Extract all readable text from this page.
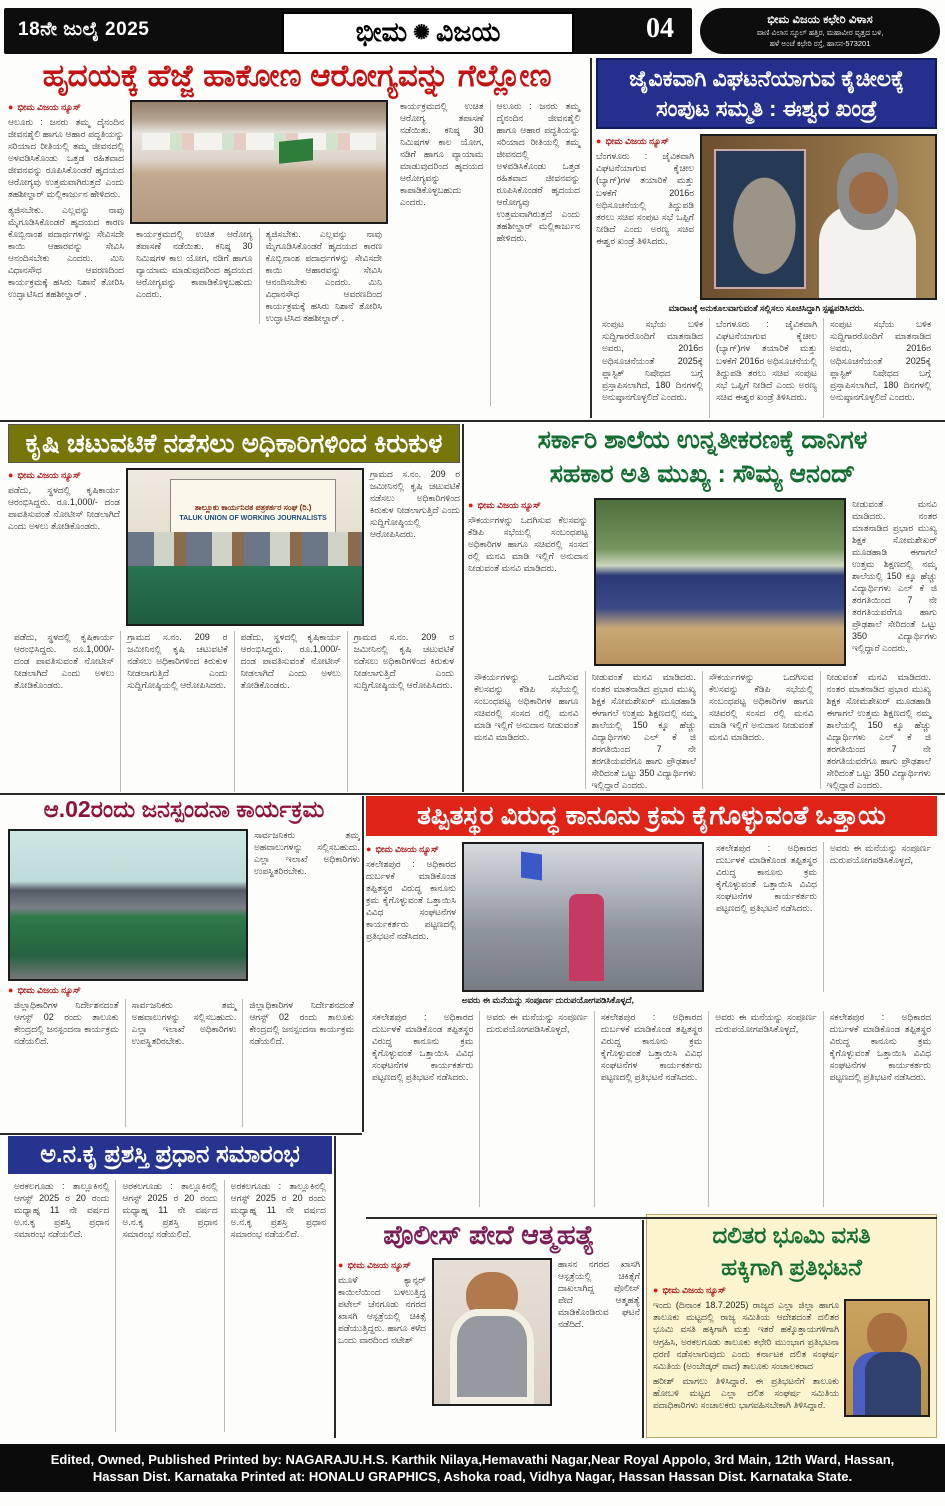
18ನೇ ಜುಲೈ 2025	ಭೀಮ ✺ ವಿಜಯ	04	ಭೀಮ ವಿಜಯ ಕಛೇರಿ ವಿಳಾಸ
ವಾಣಿ ವಿಲಾಸ ಸ್ಕೂಲ್ ಹತ್ತಿರ, ಮಹಾವೀರ ವೃತ್ತದ ಬಳಿ,
ಹಳೆ ಅಂಚೆ ಕಛೇರಿ ರಸ್ತೆ, ಹಾಸನ-573201
ಹೃದಯಕ್ಕೆ ಹೆಜ್ಜೆ ಹಾಕೋಣ ಆರೋಗ್ಯವನ್ನು ಗೆಲ್ಲೋಣ
● ಭೀಮ ವಿಜಯ ನ್ಯೂಸ್
ಆಲೂರು : ಜನರು ತಮ್ಮ ದೈನಂದಿನ ಜೀವನಶೈಲಿ ಹಾಗೂ ಆಹಾರ ಪದ್ಧತಿಯನ್ನು ಸರಿಯಾದ ರೀತಿಯಲ್ಲಿ ತಮ್ಮ ಜೀವನದಲ್ಲಿ ಅಳವಡಿಸಿಕೊಂಡು ಒತ್ತಡ ರಹಿತವಾದ ಜೀವನವನ್ನು ರೂಪಿಸಿಕೊಂಡರೆ ಹೃದಯದ ಆರೋಗ್ಯವು ಉತ್ತಮವಾಗಿರುತ್ತದೆ ಎಂದು ತಹಶೀಲ್ದಾರ್ ಮಲ್ಲಿಕಾರ್ಜುನ ಹೇಳಿದರು.
ತ್ಯಜಿಸಬೇಕು. ಎಲ್ಲವನ್ನು ನಾವು ಮೈಗೂಡಿಸಿಕೊಂಡರೆ ಹೃದಯದ ಕಾರಣ ಕೊಬ್ಬಿನಾಂಶ ಪದಾರ್ಥಗಳನ್ನು ಸೇವಿಸದೇ ಕಾಯಿ ಆಹಾರವನ್ನು ಸೇವಿಸಿ ಆನಂದಿಸಬೇಕು ಎಂದರು. ಮಿನಿ ವಿಧಾನಸೌಧ ಆವರಣದಿಂದ ಕಾರ್ಯಕ್ರಮಕ್ಕೆ ಹಸಿರು ನಿಶಾನೆ ತೋರಿಸಿ ಉದ್ಘಾಟಿಸಿದ ತಹಶೀಲ್ದಾರ್ .
ಕಾರ್ಯಕ್ರಮದಲ್ಲಿ ಉಚಿತ ಆರೋಗ್ಯ ತಪಾಸಣೆ ನಡೆಯಿತು. ಕನಿಷ್ಠ 30 ನಿಮಿಷಗಳ ಕಾಲ ಯೋಗ, ನಡಿಗೆ ಹಾಗೂ ವ್ಯಾಯಾಮ ಮಾಡುವುದರಿಂದ ಹೃದಯದ ಆರೋಗ್ಯವನ್ನು ಕಾಪಾಡಿಕೊಳ್ಳಬಹುದು ಎಂದರು.
ತ್ಯಜಿಸಬೇಕು. ಎಲ್ಲವನ್ನು ನಾವು ಮೈಗೂಡಿಸಿಕೊಂಡರೆ ಹೃದಯದ ಕಾರಣ ಕೊಬ್ಬಿನಾಂಶ ಪದಾರ್ಥಗಳನ್ನು ಸೇವಿಸದೇ ಕಾಯಿ ಆಹಾರವನ್ನು ಸೇವಿಸಿ ಆನಂದಿಸಬೇಕು ಎಂದರು. ಮಿನಿ ವಿಧಾನಸೌಧ ಆವರಣದಿಂದ ಕಾರ್ಯಕ್ರಮಕ್ಕೆ ಹಸಿರು ನಿಶಾನೆ ತೋರಿಸಿ ಉದ್ಘಾಟಿಸಿದ ತಹಶೀಲ್ದಾರ್ .
ಕಾರ್ಯಕ್ರಮದಲ್ಲಿ ಉಚಿತ ಆರೋಗ್ಯ ತಪಾಸಣೆ ನಡೆಯಿತು. ಕನಿಷ್ಠ 30 ನಿಮಿಷಗಳ ಕಾಲ ಯೋಗ, ನಡಿಗೆ ಹಾಗೂ ವ್ಯಾಯಾಮ ಮಾಡುವುದರಿಂದ ಹೃದಯದ ಆರೋಗ್ಯವನ್ನು ಕಾಪಾಡಿಕೊಳ್ಳಬಹುದು ಎಂದರು.
ಆಲೂರು : ಜನರು ತಮ್ಮ ದೈನಂದಿನ ಜೀವನಶೈಲಿ ಹಾಗೂ ಆಹಾರ ಪದ್ಧತಿಯನ್ನು ಸರಿಯಾದ ರೀತಿಯಲ್ಲಿ ತಮ್ಮ ಜೀವನದಲ್ಲಿ ಅಳವಡಿಸಿಕೊಂಡು ಒತ್ತಡ ರಹಿತವಾದ ಜೀವನವನ್ನು ರೂಪಿಸಿಕೊಂಡರೆ ಹೃದಯದ ಆರೋಗ್ಯವು ಉತ್ತಮವಾಗಿರುತ್ತದೆ ಎಂದು ತಹಶೀಲ್ದಾರ್ ಮಲ್ಲಿಕಾರ್ಜುನ ಹೇಳಿದರು.
ಜೈವಿಕವಾಗಿ ವಿಘಟನೆಯಾಗುವ ಕೈಚೀಲಕ್ಕೆ
ಸಂಪುಟ ಸಮ್ಮತಿ : ಈಶ್ವರ ಖಂಡ್ರೆ
● ಭೀಮ ವಿಜಯ ನ್ಯೂಸ್
ಬೆಂಗಳೂರು : ಜೈವಿಕವಾಗಿ ವಿಘಟನೆಯಾಗುವ ಕೈಚೀಲ (ಬ್ಯಾಗ್)ಗಳ ತಯಾರಿಕೆ ಮತ್ತು ಬಳಕೆಗೆ 2016ರ ಅಧಿಸೂಚನೆಯಲ್ಲಿ ತಿದ್ದುಪಡಿ ತರಲು ಸಚಿವ ಸಂಪುಟ ಸಭೆ ಒಪ್ಪಿಗೆ ನೀಡಿದೆ ಎಂದು ಅರಣ್ಯ ಸಚಿವ ಈಶ್ವರ ಖಂಡ್ರೆ ತಿಳಿಸಿದರು.
ಮಾರಾಟಕ್ಕೆ ಅನುಕೂಲವಾಗುವಂತೆ ಸಲ್ಲಿಸಲು ಸೂಚಿಸಿದ್ದಾಗಿ ಸ್ಪಷ್ಟಪಡಿಸಿದರು.
ಸಂಪುಟ ಸಭೆಯ ಬಳಿಕ ಸುದ್ದಿಗಾರರೊಂದಿಗೆ ಮಾತನಾಡಿದ ಅವರು, 2016ರ ಅಧಿಸೂಚನೆಯಂತೆ 2025ಕ್ಕೆ ಪ್ಲಾಸ್ಟಿಕ್ ನಿಷೇಧದ ಬಗ್ಗೆ ಪ್ರಸ್ತಾಪಿಸಲಾಗಿದೆ, 180 ದಿನಗಳಲ್ಲಿ ಅನುಷ್ಠಾನಗೊಳ್ಳಲಿದೆ ಎಂದರು.
ಬೆಂಗಳೂರು : ಜೈವಿಕವಾಗಿ ವಿಘಟನೆಯಾಗುವ ಕೈಚೀಲ (ಬ್ಯಾಗ್)ಗಳ ತಯಾರಿಕೆ ಮತ್ತು ಬಳಕೆಗೆ 2016ರ ಅಧಿಸೂಚನೆಯಲ್ಲಿ ತಿದ್ದುಪಡಿ ತರಲು ಸಚಿವ ಸಂಪುಟ ಸಭೆ ಒಪ್ಪಿಗೆ ನೀಡಿದೆ ಎಂದು ಅರಣ್ಯ ಸಚಿವ ಈಶ್ವರ ಖಂಡ್ರೆ ತಿಳಿಸಿದರು.
ಸಂಪುಟ ಸಭೆಯ ಬಳಿಕ ಸುದ್ದಿಗಾರರೊಂದಿಗೆ ಮಾತನಾಡಿದ ಅವರು, 2016ರ ಅಧಿಸೂಚನೆಯಂತೆ 2025ಕ್ಕೆ ಪ್ಲಾಸ್ಟಿಕ್ ನಿಷೇಧದ ಬಗ್ಗೆ ಪ್ರಸ್ತಾಪಿಸಲಾಗಿದೆ, 180 ದಿನಗಳಲ್ಲಿ ಅನುಷ್ಠಾನಗೊಳ್ಳಲಿದೆ ಎಂದರು.
ಕೃಷಿ ಚಟುವಟಿಕೆ ನಡೆಸಲು ಅಧಿಕಾರಿಗಳಿಂದ ಕಿರುಕುಳ
● ಭೀಮ ವಿಜಯ ನ್ಯೂಸ್
ಪಡೆದು, ಸ್ಥಳದಲ್ಲಿ ಕೃಷಿಕಾರ್ಯ ಆರಂಭಿಸಿದ್ದರು. ರೂ.1,000/- ದಂಡ ಪಾವತಿಸುವಂತೆ ನೋಟೀಸ್ ನೀಡಲಾಗಿದೆ ಎಂದು ಅಳಲು ತೋಡಿಕೊಂಡರು.
ತಾಲ್ಲೂಕು ಕಾರ್ಯನಿರತ ಪತ್ರಕರ್ತರ ಸಂಘ (ರಿ.)
TALUK UNION OF WORKING JOURNALISTS
ಗ್ರಾಮದ ಸ.ನಂ. 209 ರ ಜಮೀನಿನಲ್ಲಿ ಕೃಷಿ ಚಟುವಟಿಕೆ ನಡೆಸಲು ಅಧಿಕಾರಿಗಳಿಂದ ಕಿರುಕುಳ ನೀಡಲಾಗುತ್ತಿದೆ ಎಂದು ಸುದ್ದಿಗೋಷ್ಠಿಯಲ್ಲಿ ಆರೋಪಿಸಿದರು.
ಪಡೆದು, ಸ್ಥಳದಲ್ಲಿ ಕೃಷಿಕಾರ್ಯ ಆರಂಭಿಸಿದ್ದರು. ರೂ.1,000/- ದಂಡ ಪಾವತಿಸುವಂತೆ ನೋಟೀಸ್ ನೀಡಲಾಗಿದೆ ಎಂದು ಅಳಲು ತೋಡಿಕೊಂಡರು.
ಗ್ರಾಮದ ಸ.ನಂ. 209 ರ ಜಮೀನಿನಲ್ಲಿ ಕೃಷಿ ಚಟುವಟಿಕೆ ನಡೆಸಲು ಅಧಿಕಾರಿಗಳಿಂದ ಕಿರುಕುಳ ನೀಡಲಾಗುತ್ತಿದೆ ಎಂದು ಸುದ್ದಿಗೋಷ್ಠಿಯಲ್ಲಿ ಆರೋಪಿಸಿದರು.
ಪಡೆದು, ಸ್ಥಳದಲ್ಲಿ ಕೃಷಿಕಾರ್ಯ ಆರಂಭಿಸಿದ್ದರು. ರೂ.1,000/- ದಂಡ ಪಾವತಿಸುವಂತೆ ನೋಟೀಸ್ ನೀಡಲಾಗಿದೆ ಎಂದು ಅಳಲು ತೋಡಿಕೊಂಡರು.
ಗ್ರಾಮದ ಸ.ನಂ. 209 ರ ಜಮೀನಿನಲ್ಲಿ ಕೃಷಿ ಚಟುವಟಿಕೆ ನಡೆಸಲು ಅಧಿಕಾರಿಗಳಿಂದ ಕಿರುಕುಳ ನೀಡಲಾಗುತ್ತಿದೆ ಎಂದು ಸುದ್ದಿಗೋಷ್ಠಿಯಲ್ಲಿ ಆರೋಪಿಸಿದರು.
ಸರ್ಕಾರಿ ಶಾಲೆಯ ಉನ್ನತೀಕರಣಕ್ಕೆ ದಾನಿಗಳ
ಸಹಕಾರ ಅತಿ ಮುಖ್ಯ : ಸೌಮ್ಯ ಆನಂದ್
● ಭೀಮ ವಿಜಯ ನ್ಯೂಸ್
ಸೌಕರ್ಯಗಳನ್ನು ಒದಗಿಸುವ ಕೆಲಸವನ್ನು ಕೆಡಿಪಿ ಸಭೆಯಲ್ಲಿ ಸಂಬಂಧಪಟ್ಟ ಅಧಿಕಾರಿಗಳ ಹಾಗೂ ಸಚಿವರಲ್ಲಿ ಸಂಸದ ರಲ್ಲಿ ಮನವಿ ಮಾಡಿ ಇಲ್ಲಿಗೆ ಅನುದಾನ ನೀಡುವಂತೆ ಮನವಿ ಮಾಡಿದರು.
ನೀಡುವಂತೆ ಮನವಿ ಮಾಡಿದರು. ನಂತರ ಮಾತನಾಡಿದ ಪ್ರಭಾರ ಮುಖ್ಯ ಶಿಕ್ಷಕ ಸೋಮಶೇಖರ್ ಮೂಡಹಾಡಿ ಈಗಾಗಲೆ ಉತ್ತಮ ಶಿಕ್ಷಣದಲ್ಲಿ ನಮ್ಮ ಶಾಲೆಯಲ್ಲಿ 150 ಕ್ಕೂ ಹೆಚ್ಚು ವಿದ್ಯಾರ್ಥಿಗಳು ಎಲ್ ಕೆ ಜಿ ತರಗತಿಯಿಂದ 7 ನೇ ತರಗತಿಯವರೆಗೂ ಹಾಗು ಪ್ರೌಢಶಾಲೆ ಸೇರಿದಂತೆ ಒಟ್ಟು 350 ವಿದ್ಯಾರ್ಥಿಗಳು ಇಲ್ಲಿದ್ದಾರೆ ಎಂದರು.
ಸೌಕರ್ಯಗಳನ್ನು ಒದಗಿಸುವ ಕೆಲಸವನ್ನು ಕೆಡಿಪಿ ಸಭೆಯಲ್ಲಿ ಸಂಬಂಧಪಟ್ಟ ಅಧಿಕಾರಿಗಳ ಹಾಗೂ ಸಚಿವರಲ್ಲಿ ಸಂಸದ ರಲ್ಲಿ ಮನವಿ ಮಾಡಿ ಇಲ್ಲಿಗೆ ಅನುದಾನ ನೀಡುವಂತೆ ಮನವಿ ಮಾಡಿದರು.
ನೀಡುವಂತೆ ಮನವಿ ಮಾಡಿದರು. ನಂತರ ಮಾತನಾಡಿದ ಪ್ರಭಾರ ಮುಖ್ಯ ಶಿಕ್ಷಕ ಸೋಮಶೇಖರ್ ಮೂಡಹಾಡಿ ಈಗಾಗಲೆ ಉತ್ತಮ ಶಿಕ್ಷಣದಲ್ಲಿ ನಮ್ಮ ಶಾಲೆಯಲ್ಲಿ 150 ಕ್ಕೂ ಹೆಚ್ಚು ವಿದ್ಯಾರ್ಥಿಗಳು ಎಲ್ ಕೆ ಜಿ ತರಗತಿಯಿಂದ 7 ನೇ ತರಗತಿಯವರೆಗೂ ಹಾಗು ಪ್ರೌಢಶಾಲೆ ಸೇರಿದಂತೆ ಒಟ್ಟು 350 ವಿದ್ಯಾರ್ಥಿಗಳು ಇಲ್ಲಿದ್ದಾರೆ ಎಂದರು.
ಸೌಕರ್ಯಗಳನ್ನು ಒದಗಿಸುವ ಕೆಲಸವನ್ನು ಕೆಡಿಪಿ ಸಭೆಯಲ್ಲಿ ಸಂಬಂಧಪಟ್ಟ ಅಧಿಕಾರಿಗಳ ಹಾಗೂ ಸಚಿವರಲ್ಲಿ ಸಂಸದ ರಲ್ಲಿ ಮನವಿ ಮಾಡಿ ಇಲ್ಲಿಗೆ ಅನುದಾನ ನೀಡುವಂತೆ ಮನವಿ ಮಾಡಿದರು.
ನೀಡುವಂತೆ ಮನವಿ ಮಾಡಿದರು. ನಂತರ ಮಾತನಾಡಿದ ಪ್ರಭಾರ ಮುಖ್ಯ ಶಿಕ್ಷಕ ಸೋಮಶೇಖರ್ ಮೂಡಹಾಡಿ ಈಗಾಗಲೆ ಉತ್ತಮ ಶಿಕ್ಷಣದಲ್ಲಿ ನಮ್ಮ ಶಾಲೆಯಲ್ಲಿ 150 ಕ್ಕೂ ಹೆಚ್ಚು ವಿದ್ಯಾರ್ಥಿಗಳು ಎಲ್ ಕೆ ಜಿ ತರಗತಿಯಿಂದ 7 ನೇ ತರಗತಿಯವರೆಗೂ ಹಾಗು ಪ್ರೌಢಶಾಲೆ ಸೇರಿದಂತೆ ಒಟ್ಟು 350 ವಿದ್ಯಾರ್ಥಿಗಳು ಇಲ್ಲಿದ್ದಾರೆ ಎಂದರು.
ಆ.02ರಂದು ಜನಸ್ಪಂದನಾ ಕಾರ್ಯಕ್ರಮ
ಸಾರ್ವಜನಿಕರು ತಮ್ಮ ಅಹವಾಲುಗಳನ್ನು ಸಲ್ಲಿಸಬಹುದು. ಎಲ್ಲಾ ಇಲಾಖೆ ಅಧಿಕಾರಿಗಳು ಉಪಸ್ಥಿತರಿರಬೇಕು.
● ಭೀಮ ವಿಜಯ ನ್ಯೂಸ್
ಜಿಲ್ಲಾಧಿಕಾರಿಗಳ ನಿರ್ದೇಶನದಂತೆ ಆಗಸ್ಟ್ 02 ರಂದು ತಾಲೂಕು ಕೇಂದ್ರದಲ್ಲಿ ಜನಸ್ಪಂದನಾ ಕಾರ್ಯಕ್ರಮ ನಡೆಯಲಿದೆ.
ಸಾರ್ವಜನಿಕರು ತಮ್ಮ ಅಹವಾಲುಗಳನ್ನು ಸಲ್ಲಿಸಬಹುದು. ಎಲ್ಲಾ ಇಲಾಖೆ ಅಧಿಕಾರಿಗಳು ಉಪಸ್ಥಿತರಿರಬೇಕು.
ಜಿಲ್ಲಾಧಿಕಾರಿಗಳ ನಿರ್ದೇಶನದಂತೆ ಆಗಸ್ಟ್ 02 ರಂದು ತಾಲೂಕು ಕೇಂದ್ರದಲ್ಲಿ ಜನಸ್ಪಂದನಾ ಕಾರ್ಯಕ್ರಮ ನಡೆಯಲಿದೆ.
ತಪ್ಪಿತಸ್ಥರ ವಿರುದ್ಧ ಕಾನೂನು ಕ್ರಮ ಕೈಗೊಳ್ಳುವಂತೆ ಒತ್ತಾಯ
● ಭೀಮ ವಿಜಯ ನ್ಯೂಸ್
ಸಕಲೇಶಪುರ : ಅಧಿಕಾರದ ದುರ್ಬಳಕೆ ಮಾಡಿಕೊಂಡ ತಪ್ಪಿತಸ್ಥರ ವಿರುದ್ಧ ಕಾನೂನು ಕ್ರಮ ಕೈಗೊಳ್ಳುವಂತೆ ಒತ್ತಾಯಿಸಿ ವಿವಿಧ ಸಂಘಟನೆಗಳ ಕಾರ್ಯಕರ್ತರು ಪಟ್ಟಣದಲ್ಲಿ ಪ್ರತಿಭಟನೆ ನಡೆಸಿದರು.
ಸಕಲೇಶಪುರ : ಅಧಿಕಾರದ ದುರ್ಬಳಕೆ ಮಾಡಿಕೊಂಡ ತಪ್ಪಿತಸ್ಥರ ವಿರುದ್ಧ ಕಾನೂನು ಕ್ರಮ ಕೈಗೊಳ್ಳುವಂತೆ ಒತ್ತಾಯಿಸಿ ವಿವಿಧ ಸಂಘಟನೆಗಳ ಕಾರ್ಯಕರ್ತರು ಪಟ್ಟಣದಲ್ಲಿ ಪ್ರತಿಭಟನೆ ನಡೆಸಿದರು.
ಅವರು ಈ ಮನೆಯನ್ನು ಸಂಪೂರ್ಣ ದುರುಪಯೋಗಪಡಿಸಿಕೊಳ್ಳದೆ,
ಅವರು ಈ ಮನೆಯನ್ನು ಸಂಪೂರ್ಣ ದುರುಪಯೋಗಪಡಿಸಿಕೊಳ್ಳದೆ,
ಸಕಲೇಶಪುರ : ಅಧಿಕಾರದ ದುರ್ಬಳಕೆ ಮಾಡಿಕೊಂಡ ತಪ್ಪಿತಸ್ಥರ ವಿರುದ್ಧ ಕಾನೂನು ಕ್ರಮ ಕೈಗೊಳ್ಳುವಂತೆ ಒತ್ತಾಯಿಸಿ ವಿವಿಧ ಸಂಘಟನೆಗಳ ಕಾರ್ಯಕರ್ತರು ಪಟ್ಟಣದಲ್ಲಿ ಪ್ರತಿಭಟನೆ ನಡೆಸಿದರು.
ಅವರು ಈ ಮನೆಯನ್ನು ಸಂಪೂರ್ಣ ದುರುಪಯೋಗಪಡಿಸಿಕೊಳ್ಳದೆ,
ಸಕಲೇಶಪುರ : ಅಧಿಕಾರದ ದುರ್ಬಳಕೆ ಮಾಡಿಕೊಂಡ ತಪ್ಪಿತಸ್ಥರ ವಿರುದ್ಧ ಕಾನೂನು ಕ್ರಮ ಕೈಗೊಳ್ಳುವಂತೆ ಒತ್ತಾಯಿಸಿ ವಿವಿಧ ಸಂಘಟನೆಗಳ ಕಾರ್ಯಕರ್ತರು ಪಟ್ಟಣದಲ್ಲಿ ಪ್ರತಿಭಟನೆ ನಡೆಸಿದರು.
ಅವರು ಈ ಮನೆಯನ್ನು ಸಂಪೂರ್ಣ ದುರುಪಯೋಗಪಡಿಸಿಕೊಳ್ಳದೆ,
ಸಕಲೇಶಪುರ : ಅಧಿಕಾರದ ದುರ್ಬಳಕೆ ಮಾಡಿಕೊಂಡ ತಪ್ಪಿತಸ್ಥರ ವಿರುದ್ಧ ಕಾನೂನು ಕ್ರಮ ಕೈಗೊಳ್ಳುವಂತೆ ಒತ್ತಾಯಿಸಿ ವಿವಿಧ ಸಂಘಟನೆಗಳ ಕಾರ್ಯಕರ್ತರು ಪಟ್ಟಣದಲ್ಲಿ ಪ್ರತಿಭಟನೆ ನಡೆಸಿದರು.
ಅ.ನ.ಕೃ ಪ್ರಶಸ್ತಿ ಪ್ರಧಾನ ಸಮಾರಂಭ
ಅರಕಲಗೂಡು : ತಾಲ್ಲೂಕಿನಲ್ಲಿ ಆಗಸ್ಟ್ 2025 ರ 20 ರಂದು ಮಧ್ಯಾಹ್ನ 11 ನೇ ವರ್ಷದ ಅ.ನ.ಕೃ ಪ್ರಶಸ್ತಿ ಪ್ರಧಾನ ಸಮಾರಂಭ ನಡೆಯಲಿದೆ.
ಅರಕಲಗೂಡು : ತಾಲ್ಲೂಕಿನಲ್ಲಿ ಆಗಸ್ಟ್ 2025 ರ 20 ರಂದು ಮಧ್ಯಾಹ್ನ 11 ನೇ ವರ್ಷದ ಅ.ನ.ಕೃ ಪ್ರಶಸ್ತಿ ಪ್ರಧಾನ ಸಮಾರಂಭ ನಡೆಯಲಿದೆ.
ಅರಕಲಗೂಡು : ತಾಲ್ಲೂಕಿನಲ್ಲಿ ಆಗಸ್ಟ್ 2025 ರ 20 ರಂದು ಮಧ್ಯಾಹ್ನ 11 ನೇ ವರ್ಷದ ಅ.ನ.ಕೃ ಪ್ರಶಸ್ತಿ ಪ್ರಧಾನ ಸಮಾರಂಭ ನಡೆಯಲಿದೆ.	ಪೊಲೀಸ್ ಪೇದೆ ಆತ್ಮಹತ್ಯೆ
● ಭೀಮ ವಿಜಯ ನ್ಯೂಸ್
ಮೂಳೆ ಕ್ಯಾನ್ಸರ್ ಕಾಯಿಲೆಯಿಂದ ಬಳಲುತ್ತಿದ್ದ ಪಟೇಲ್ ಚೆನಗೂಡು ನಗರದ ಖಾಸಗಿ ಆಸ್ಪತ್ರೆಯಲ್ಲಿ ಚಿಕಿತ್ಸೆ ಪಡೆಯುತ್ತಿದ್ದರು. ಹಾಗೂ ಕಳೆದ ಒಂದು ವಾರದಿಂದ ನಟೇಶ್
ಹಾಸನ ನಗರದ ಖಾಸಗಿ ಆಸ್ಪತ್ರೆಯಲ್ಲಿ ಚಿಕಿತ್ಸೆಗೆ ದಾಖಲಾಗಿದ್ದ ಪೊಲೀಸ್ ಪೇದೆ ಆತ್ಮಹತ್ಯೆ ಮಾಡಿಕೊಂಡಿರುವ ಘಟನೆ ನಡೆದಿದೆ.
ದಲಿತರ ಭೂಮಿ ವಸತಿ
ಹಕ್ಕಿಗಾಗಿ ಪ್ರತಿಭಟನೆ
● ಭೀಮ ವಿಜಯ ನ್ಯೂಸ್
ಇಂದು (ದಿನಾಂಕ 18.7.2025) ರಾಜ್ಯದ ಎಲ್ಲಾ ಜಿಲ್ಲಾ ಹಾಗೂ ತಾಲೂಕು ಮಟ್ಟದಲ್ಲಿ ರಾಜ್ಯ ಸಮಿತಿಯ ಆದೇಶದಂತೆ ದಲಿತರ ಭೂಮಿ ವಸತಿ ಹಕ್ಕಿಗಾಗಿ ಮತ್ತು ಇತರೆ ಹಕ್ಕೊತ್ತಾಯಗಳಿಗಾಗಿ ಆಗ್ರಹಿಸಿ, ಅರಕಲಗೂಡು ತಾಲೂಕು ಕಛೇರಿ ಮುಂಭಾಗ ಪ್ರತಿಭಟನಾ ಧರಣಿ ನಡೆಸಲಾಗುವುದು ಎಂದು ಕರ್ನಾಟಕ ದಲಿತ ಸಂಘರ್ಷ ಸಮಿತಿಯ (ಅಂಬೇಡ್ಕರ್ ವಾದ) ತಾಲೂಕು ಸಂಚಾಲಕರಾದ
ಹರೀಶ್ ಮಾಗಲು ತಿಳಿಸಿದ್ದಾರೆ. ಈ ಪ್ರತಿಭಟನೆಗೆ ತಾಲೂಕು ಹೋಬಳಿ ಮಟ್ಟದ ಎಲ್ಲಾ ದಲಿತ ಸಂಘರ್ಷ ಸಮಿತಿಯ ಪದಾಧಿಕಾರಿಗಳು ಸಂಚಾಲಕರು ಭಾಗವಹಿಸಬೇಕಾಗಿ ತಿಳಿಸಿದ್ದಾರೆ.
Edited, Owned, Published Printed by: NAGARAJU.H.S. Karthik Nilaya,Hemavathi Nagar,Near Royal Appolo, 3rd Main, 12th Ward, Hassan,
Hassan Dist. Karnataka Printed at: HONALU GRAPHICS, Ashoka road, Vidhya Nagar, Hassan Hassan Dist. Karnataka State.
